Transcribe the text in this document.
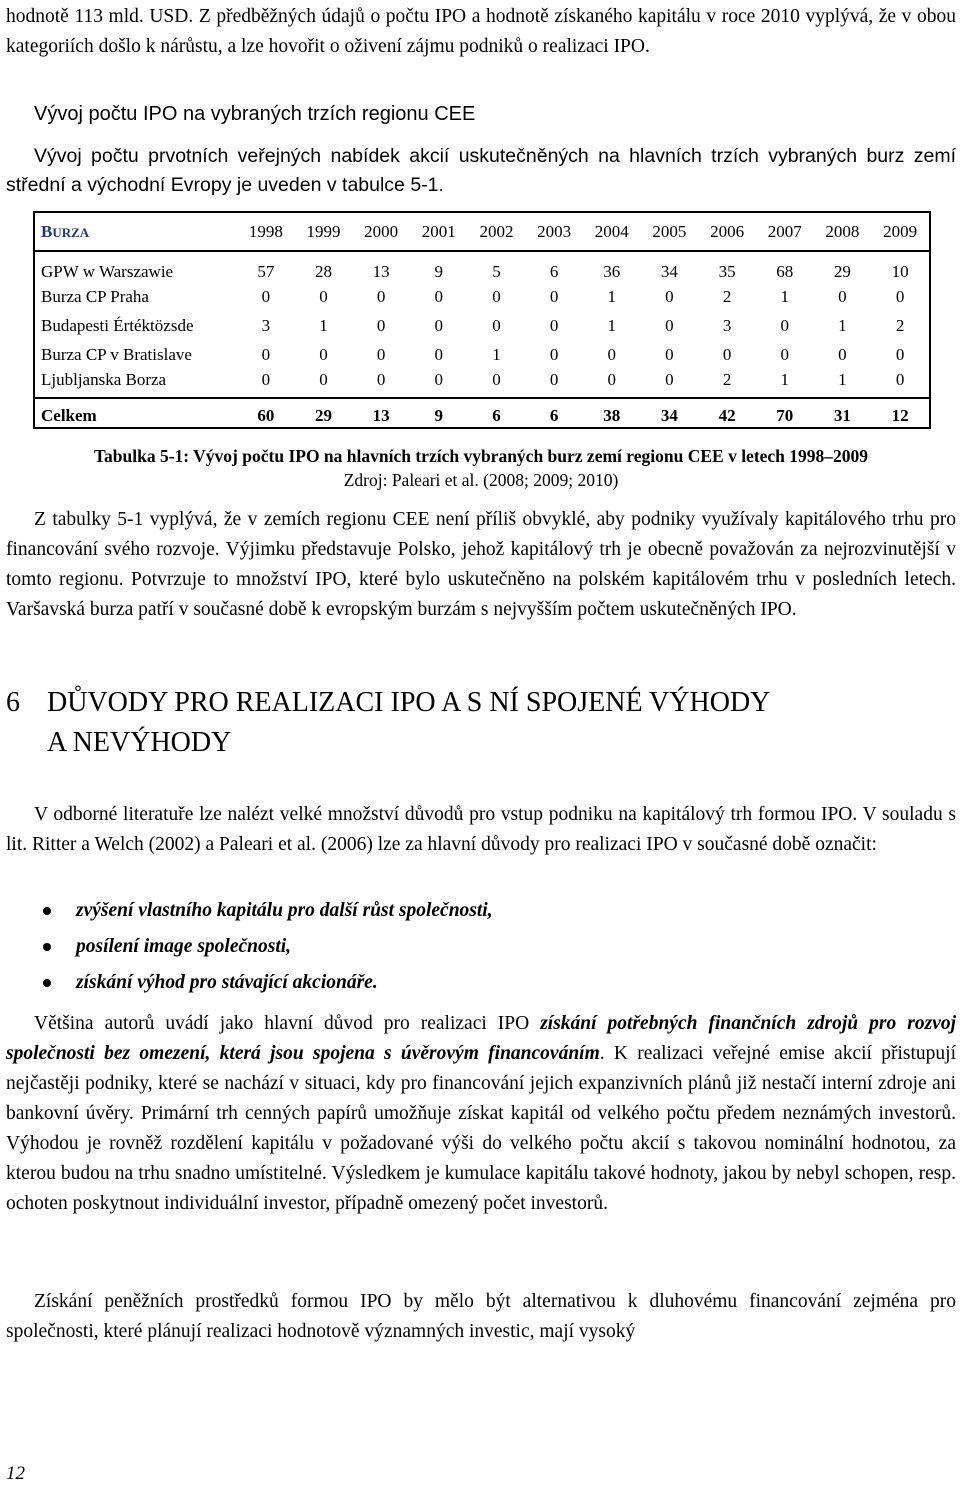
hodnotě 113 mld. USD. Z předběžných údajů o počtu IPO a hodnotě získaného kapitálu v roce 2010 vyplývá, že v obou kategoriích došlo k nárůstu, a lze hovořit o oživení zájmu podniků o realizaci IPO.

Vývoj počtu IPO na vybraných trzích regionu CEE

Vývoj počtu prvotních veřejných nabídek akcií uskutečněných na hlavních trzích vybraných burz zemí střední a východní Evropy je uveden v tabulce 5-1.

BURZA	1998	1999	2000	2001	2002	2003	2004	2005	2006	2007	2008	2009
GPW w Warszawie	57	28	13	9	5	6	36	34	35	68	29	10
Burza CP Praha	0	0	0	0	0	0	1	0	2	1	0	0
Budapesti Értéktözsde	3	1	0	0	0	0	1	0	3	0	1	2
Burza CP v Bratislave	0	0	0	0	1	0	0	0	0	0	0	0
Ljubljanska Borza	0	0	0	0	0	0	0	0	2	1	1	0
Celkem	60	29	13	9	6	6	38	34	42	70	31	12
Tabulka 5-1: Vývoj počtu IPO na hlavních trzích vybraných burz zemí regionu CEE v letech 1998–2009
Zdroj: Paleari et al. (2008; 2009; 2010)

Z tabulky 5-1 vyplývá, že v zemích regionu CEE není příliš obvyklé, aby podniky využívaly kapitálového trhu pro financování svého rozvoje. Výjimku představuje Polsko, jehož kapitálový trh je obecně považován za nejrozvinutější v tomto regionu. Potvrzuje to množství IPO, které bylo uskutečněno na polském kapitálovém trhu v posledních letech. Varšavská burza patří v současné době k evropským burzám s nejvyšším počtem uskutečněných IPO.

6 DŮVODY PRO REALIZACI IPO A S NÍ SPOJENÉ VÝHODY
A NEVÝHODY

V odborné literatuře lze nalézt velké množství důvodů pro vstup podniku na kapitálový trh formou IPO. V souladu s lit. Ritter a Welch (2002) a Paleari et al. (2006) lze za hlavní důvody pro realizaci IPO v současné době označit:

zvýšení vlastního kapitálu pro další růst společnosti,
posílení image společnosti,
získání výhod pro stávající akcionáře.

Většina autorů uvádí jako hlavní důvod pro realizaci IPO získání potřebných finančních zdrojů pro rozvoj společnosti bez omezení, která jsou spojena s úvěrovým financováním. K realizaci veřejné emise akcií přistupují nejčastěji podniky, které se nachází v situaci, kdy pro financování jejich expanzivních plánů již nestačí interní zdroje ani bankovní úvěry. Primární trh cenných papírů umožňuje získat kapitál od velkého počtu předem neznámých investorů. Výhodou je rovněž rozdělení kapitálu v požadované výši do velkého počtu akcií s takovou nominální hodnotou, za kterou budou na trhu snadno umístitelné. Výsledkem je kumulace kapitálu takové hodnoty, jakou by nebyl schopen, resp. ochoten poskytnout individuální investor, případně omezený počet investorů.

Získání peněžních prostředků formou IPO by mělo být alternativou k dluhovému financování zejména pro společnosti, které plánují realizaci hodnotově významných investic, mají vysoký

12
